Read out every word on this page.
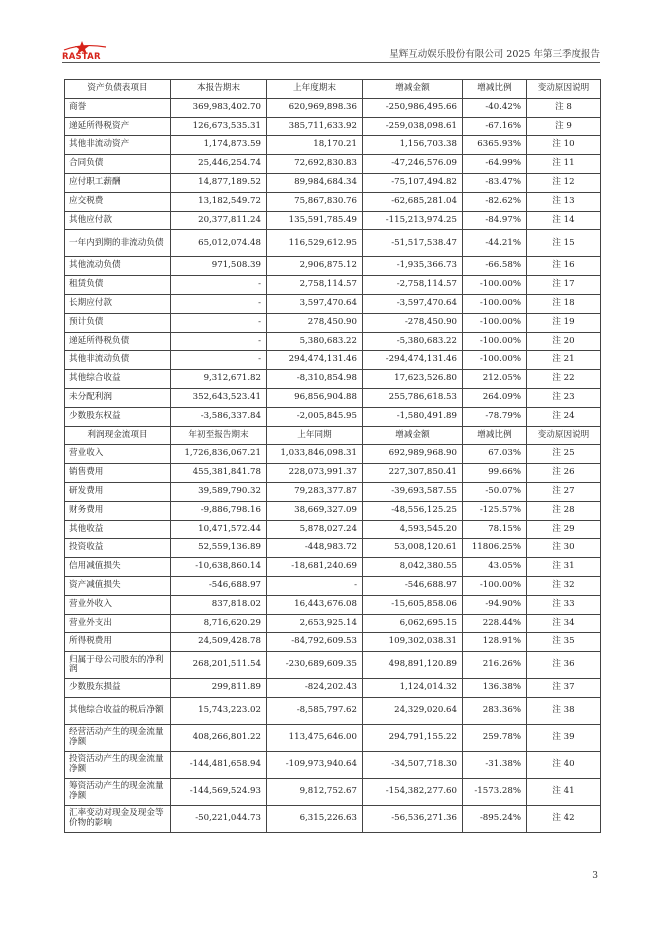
RASTAR	星辉互动娱乐股份有限公司 2025 年第三季度报告
资产负债表项目	本报告期末	上年度期末	增减金额	增减比例	变动原因说明
商誉	369,983,402.70	620,969,898.36	-250,986,495.66	-40.42%	注 8
递延所得税资产	126,673,535.31	385,711,633.92	-259,038,098.61	-67.16%	注 9
其他非流动资产	1,174,873.59	18,170.21	1,156,703.38	6365.93%	注 10
合同负债	25,446,254.74	72,692,830.83	-47,246,576.09	-64.99%	注 11
应付职工薪酬	14,877,189.52	89,984,684.34	-75,107,494.82	-83.47%	注 12
应交税费	13,182,549.72	75,867,830.76	-62,685,281.04	-82.62%	注 13
其他应付款	20,377,811.24	135,591,785.49	-115,213,974.25	-84.97%	注 14
一年内到期的非流动负债	65,012,074.48	116,529,612.95	-51,517,538.47	-44.21%	注 15
其他流动负债	971,508.39	2,906,875.12	-1,935,366.73	-66.58%	注 16
租赁负债	-	2,758,114.57	-2,758,114.57	-100.00%	注 17
长期应付款	-	3,597,470.64	-3,597,470.64	-100.00%	注 18
预计负债	-	278,450.90	-278,450.90	-100.00%	注 19
递延所得税负债	-	5,380,683.22	-5,380,683.22	-100.00%	注 20
其他非流动负债	-	294,474,131.46	-294,474,131.46	-100.00%	注 21
其他综合收益	9,312,671.82	-8,310,854.98	17,623,526.80	212.05%	注 22
未分配利润	352,643,523.41	96,856,904.88	255,786,618.53	264.09%	注 23
少数股东权益	-3,586,337.84	-2,005,845.95	-1,580,491.89	-78.79%	注 24
利润现金流项目	年初至报告期末	上年同期	增减金额	增减比例	变动原因说明
营业收入	1,726,836,067.21	1,033,846,098.31	692,989,968.90	67.03%	注 25
销售费用	455,381,841.78	228,073,991.37	227,307,850.41	99.66%	注 26
研发费用	39,589,790.32	79,283,377.87	-39,693,587.55	-50.07%	注 27
财务费用	-9,886,798.16	38,669,327.09	-48,556,125.25	-125.57%	注 28
其他收益	10,471,572.44	5,878,027.24	4,593,545.20	78.15%	注 29
投资收益	52,559,136.89	-448,983.72	53,008,120.61	11806.25%	注 30
信用减值损失	-10,638,860.14	-18,681,240.69	8,042,380.55	43.05%	注 31
资产减值损失	-546,688.97	-	-546,688.97	-100.00%	注 32
营业外收入	837,818.02	16,443,676.08	-15,605,858.06	-94.90%	注 33
营业外支出	8,716,620.29	2,653,925.14	6,062,695.15	228.44%	注 34
所得税费用	24,509,428.78	-84,792,609.53	109,302,038.31	128.91%	注 35
归属于母公司股东的净利润	268,201,511.54	-230,689,609.35	498,891,120.89	216.26%	注 36
少数股东损益	299,811.89	-824,202.43	1,124,014.32	136.38%	注 37
其他综合收益的税后净额	15,743,223.02	-8,585,797.62	24,329,020.64	283.36%	注 38
经营活动产生的现金流量净额	408,266,801.22	113,475,646.00	294,791,155.22	259.78%	注 39
投资活动产生的现金流量净额	-144,481,658.94	-109,973,940.64	-34,507,718.30	-31.38%	注 40
筹资活动产生的现金流量净额	-144,569,524.93	9,812,752.67	-154,382,277.60	-1573.28%	注 41
汇率变动对现金及现金等价物的影响	-50,221,044.73	6,315,226.63	-56,536,271.36	-895.24%	注 42
3
